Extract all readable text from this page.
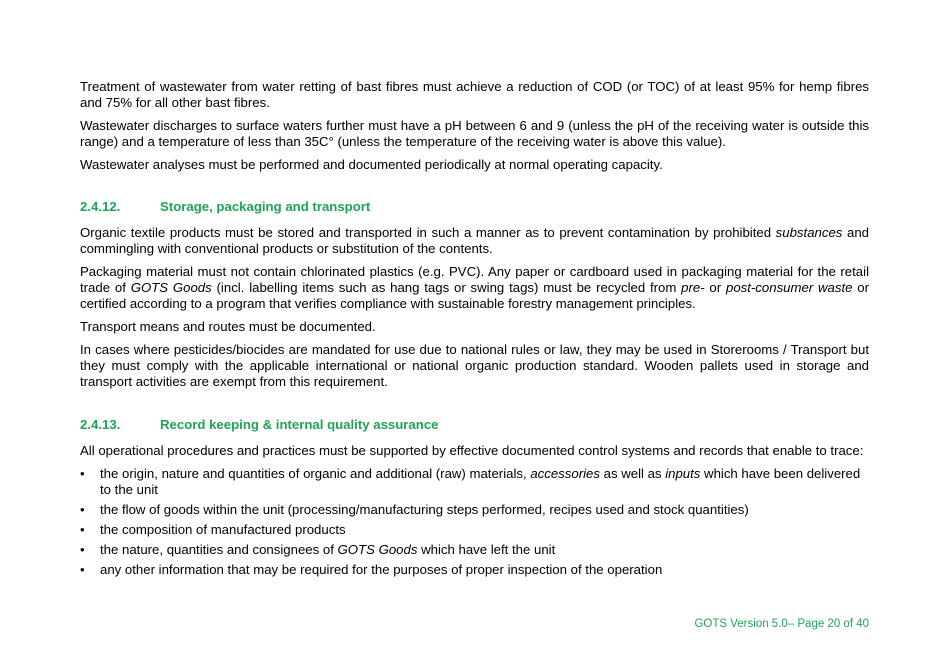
Treatment of wastewater from water retting of bast fibres must achieve a reduction of COD (or TOC) of at least 95% for hemp fibres and 75% for all other bast fibres.

Wastewater discharges to surface waters further must have a pH between 6 and 9 (unless the pH of the receiving water is outside this range) and a temperature of less than 35C° (unless the temperature of the receiving water is above this value).

Wastewater analyses must be performed and documented periodically at normal operating capacity.

2.4.12.	Storage, packaging and transport

Organic textile products must be stored and transported in such a manner as to prevent contamination by prohibited substances and commingling with conventional products or substitution of the contents.

Packaging material must not contain chlorinated plastics (e.g. PVC). Any paper or cardboard used in packaging material for the retail trade of GOTS Goods (incl. labelling items such as hang tags or swing tags) must be recycled from pre- or post-consumer waste or certified according to a program that verifies compliance with sustainable forestry management principles.

Transport means and routes must be documented.

In cases where pesticides/biocides are mandated for use due to national rules or law, they may be used in Storerooms / Transport but they must comply with the applicable international or national organic production standard. Wooden pallets used in storage and transport activities are exempt from this requirement.

2.4.13.	Record keeping & internal quality assurance

All operational procedures and practices must be supported by effective documented control systems and records that enable to trace:

• the origin, nature and quantities of organic and additional (raw) materials, accessories as well as inputs which have been delivered to the unit
• the flow of goods within the unit (processing/manufacturing steps performed, recipes used and stock quantities)
• the composition of manufactured products
• the nature, quantities and consignees of GOTS Goods which have left the unit
• any other information that may be required for the purposes of proper inspection of the operation
GOTS Version 5.0– Page 20 of 40
